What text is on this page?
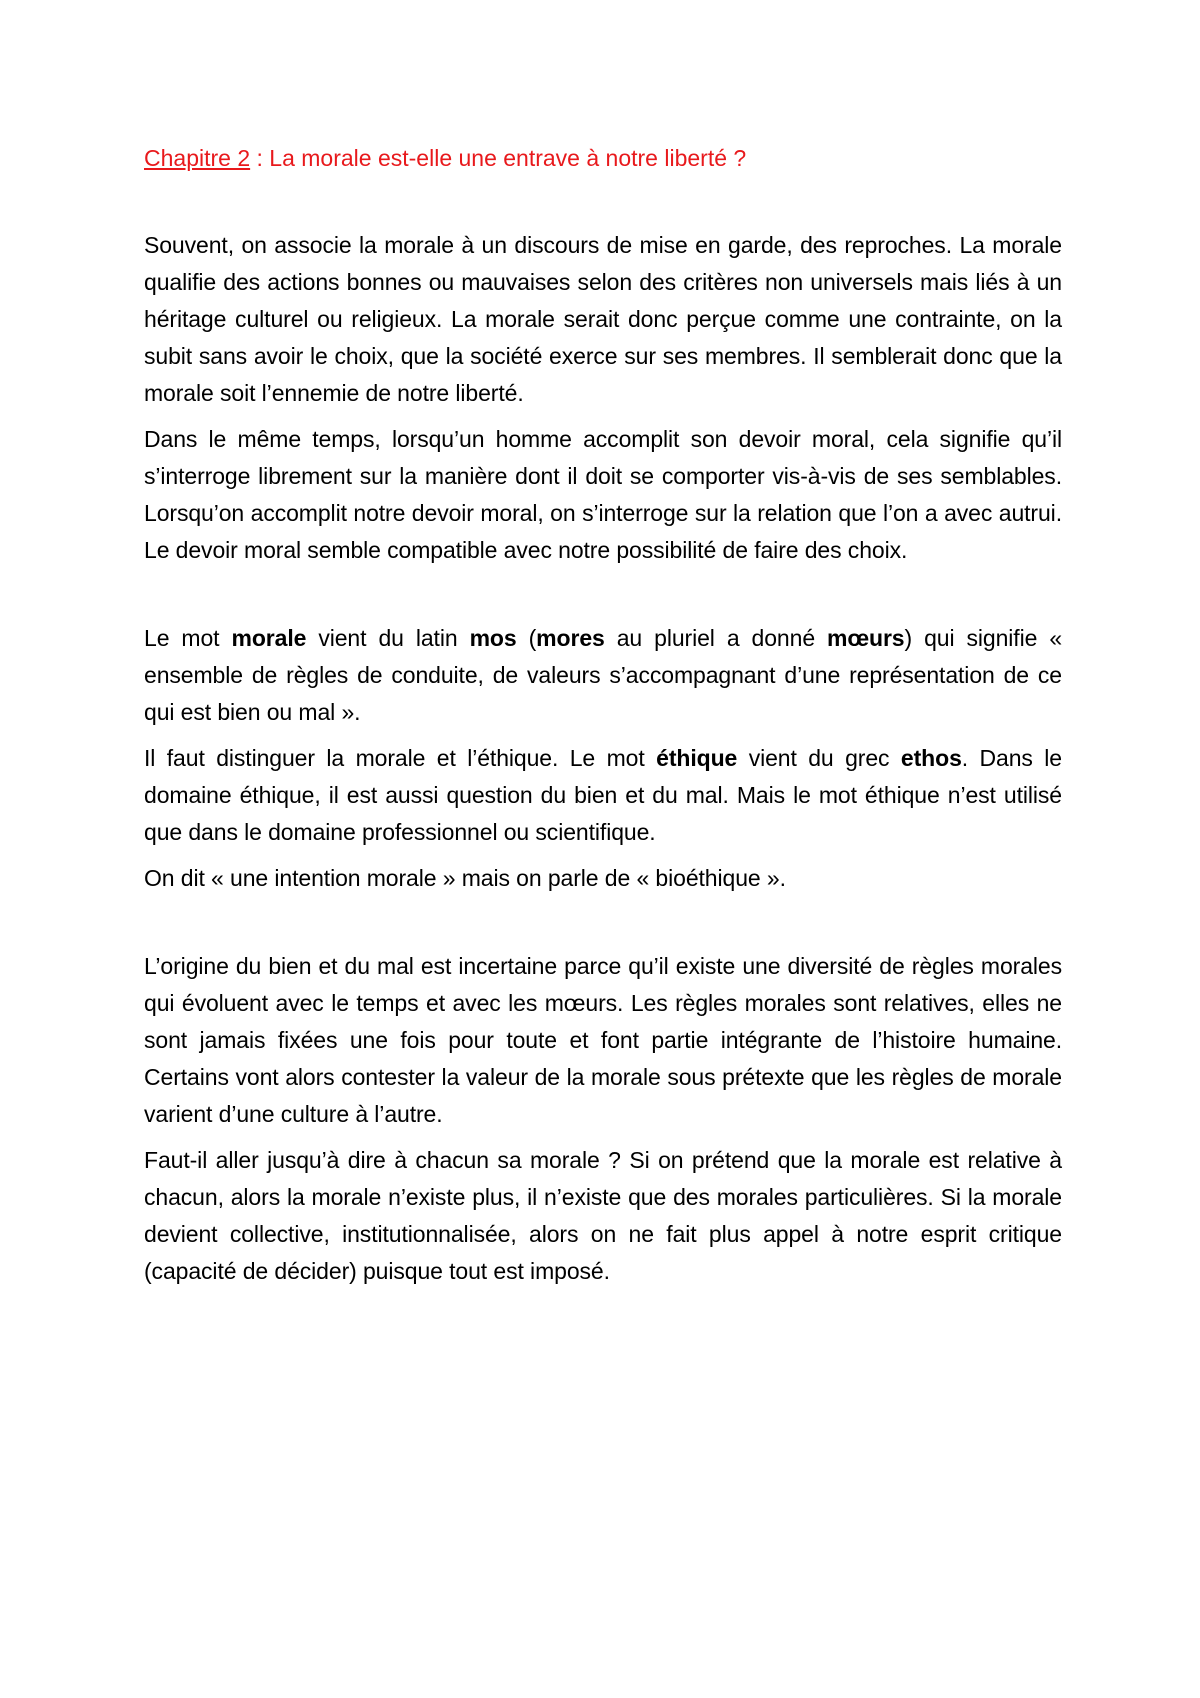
Chapitre 2 : La morale est-elle une entrave à notre liberté ?

Souvent, on associe la morale à un discours de mise en garde, des reproches. La morale qualifie des actions bonnes ou mauvaises selon des critères non universels mais liés à un héritage culturel ou religieux. La morale serait donc perçue comme une contrainte, on la subit sans avoir le choix, que la société exerce sur ses membres. Il semblerait donc que la morale soit l’ennemie de notre liberté.

Dans le même temps, lorsqu’un homme accomplit son devoir moral, cela signifie qu’il s’interroge librement sur la manière dont il doit se comporter vis-à-vis de ses semblables. Lorsqu’on accomplit notre devoir moral, on s’interroge sur la relation que l’on a avec autrui. Le devoir moral semble compatible avec notre possibilité de faire des choix.

Le mot morale vient du latin mos (mores au pluriel a donné mœurs) qui signifie « ensemble de règles de conduite, de valeurs s’accompagnant d’une représentation de ce qui est bien ou mal ».

Il faut distinguer la morale et l’éthique. Le mot éthique vient du grec ethos. Dans le domaine éthique, il est aussi question du bien et du mal. Mais le mot éthique n’est utilisé que dans le domaine professionnel ou scientifique.

On dit « une intention morale » mais on parle de « bioéthique ».

L’origine du bien et du mal est incertaine parce qu’il existe une diversité de règles morales qui évoluent avec le temps et avec les mœurs. Les règles morales sont relatives, elles ne sont jamais fixées une fois pour toute et font partie intégrante de l’histoire humaine. Certains vont alors contester la valeur de la morale sous prétexte que les règles de morale varient d’une culture à l’autre.

Faut-il aller jusqu’à dire à chacun sa morale ? Si on prétend que la morale est relative à chacun, alors la morale n’existe plus, il n’existe que des morales particulières. Si la morale devient collective, institutionnalisée, alors on ne fait plus appel à notre esprit critique (capacité de décider) puisque tout est imposé.
